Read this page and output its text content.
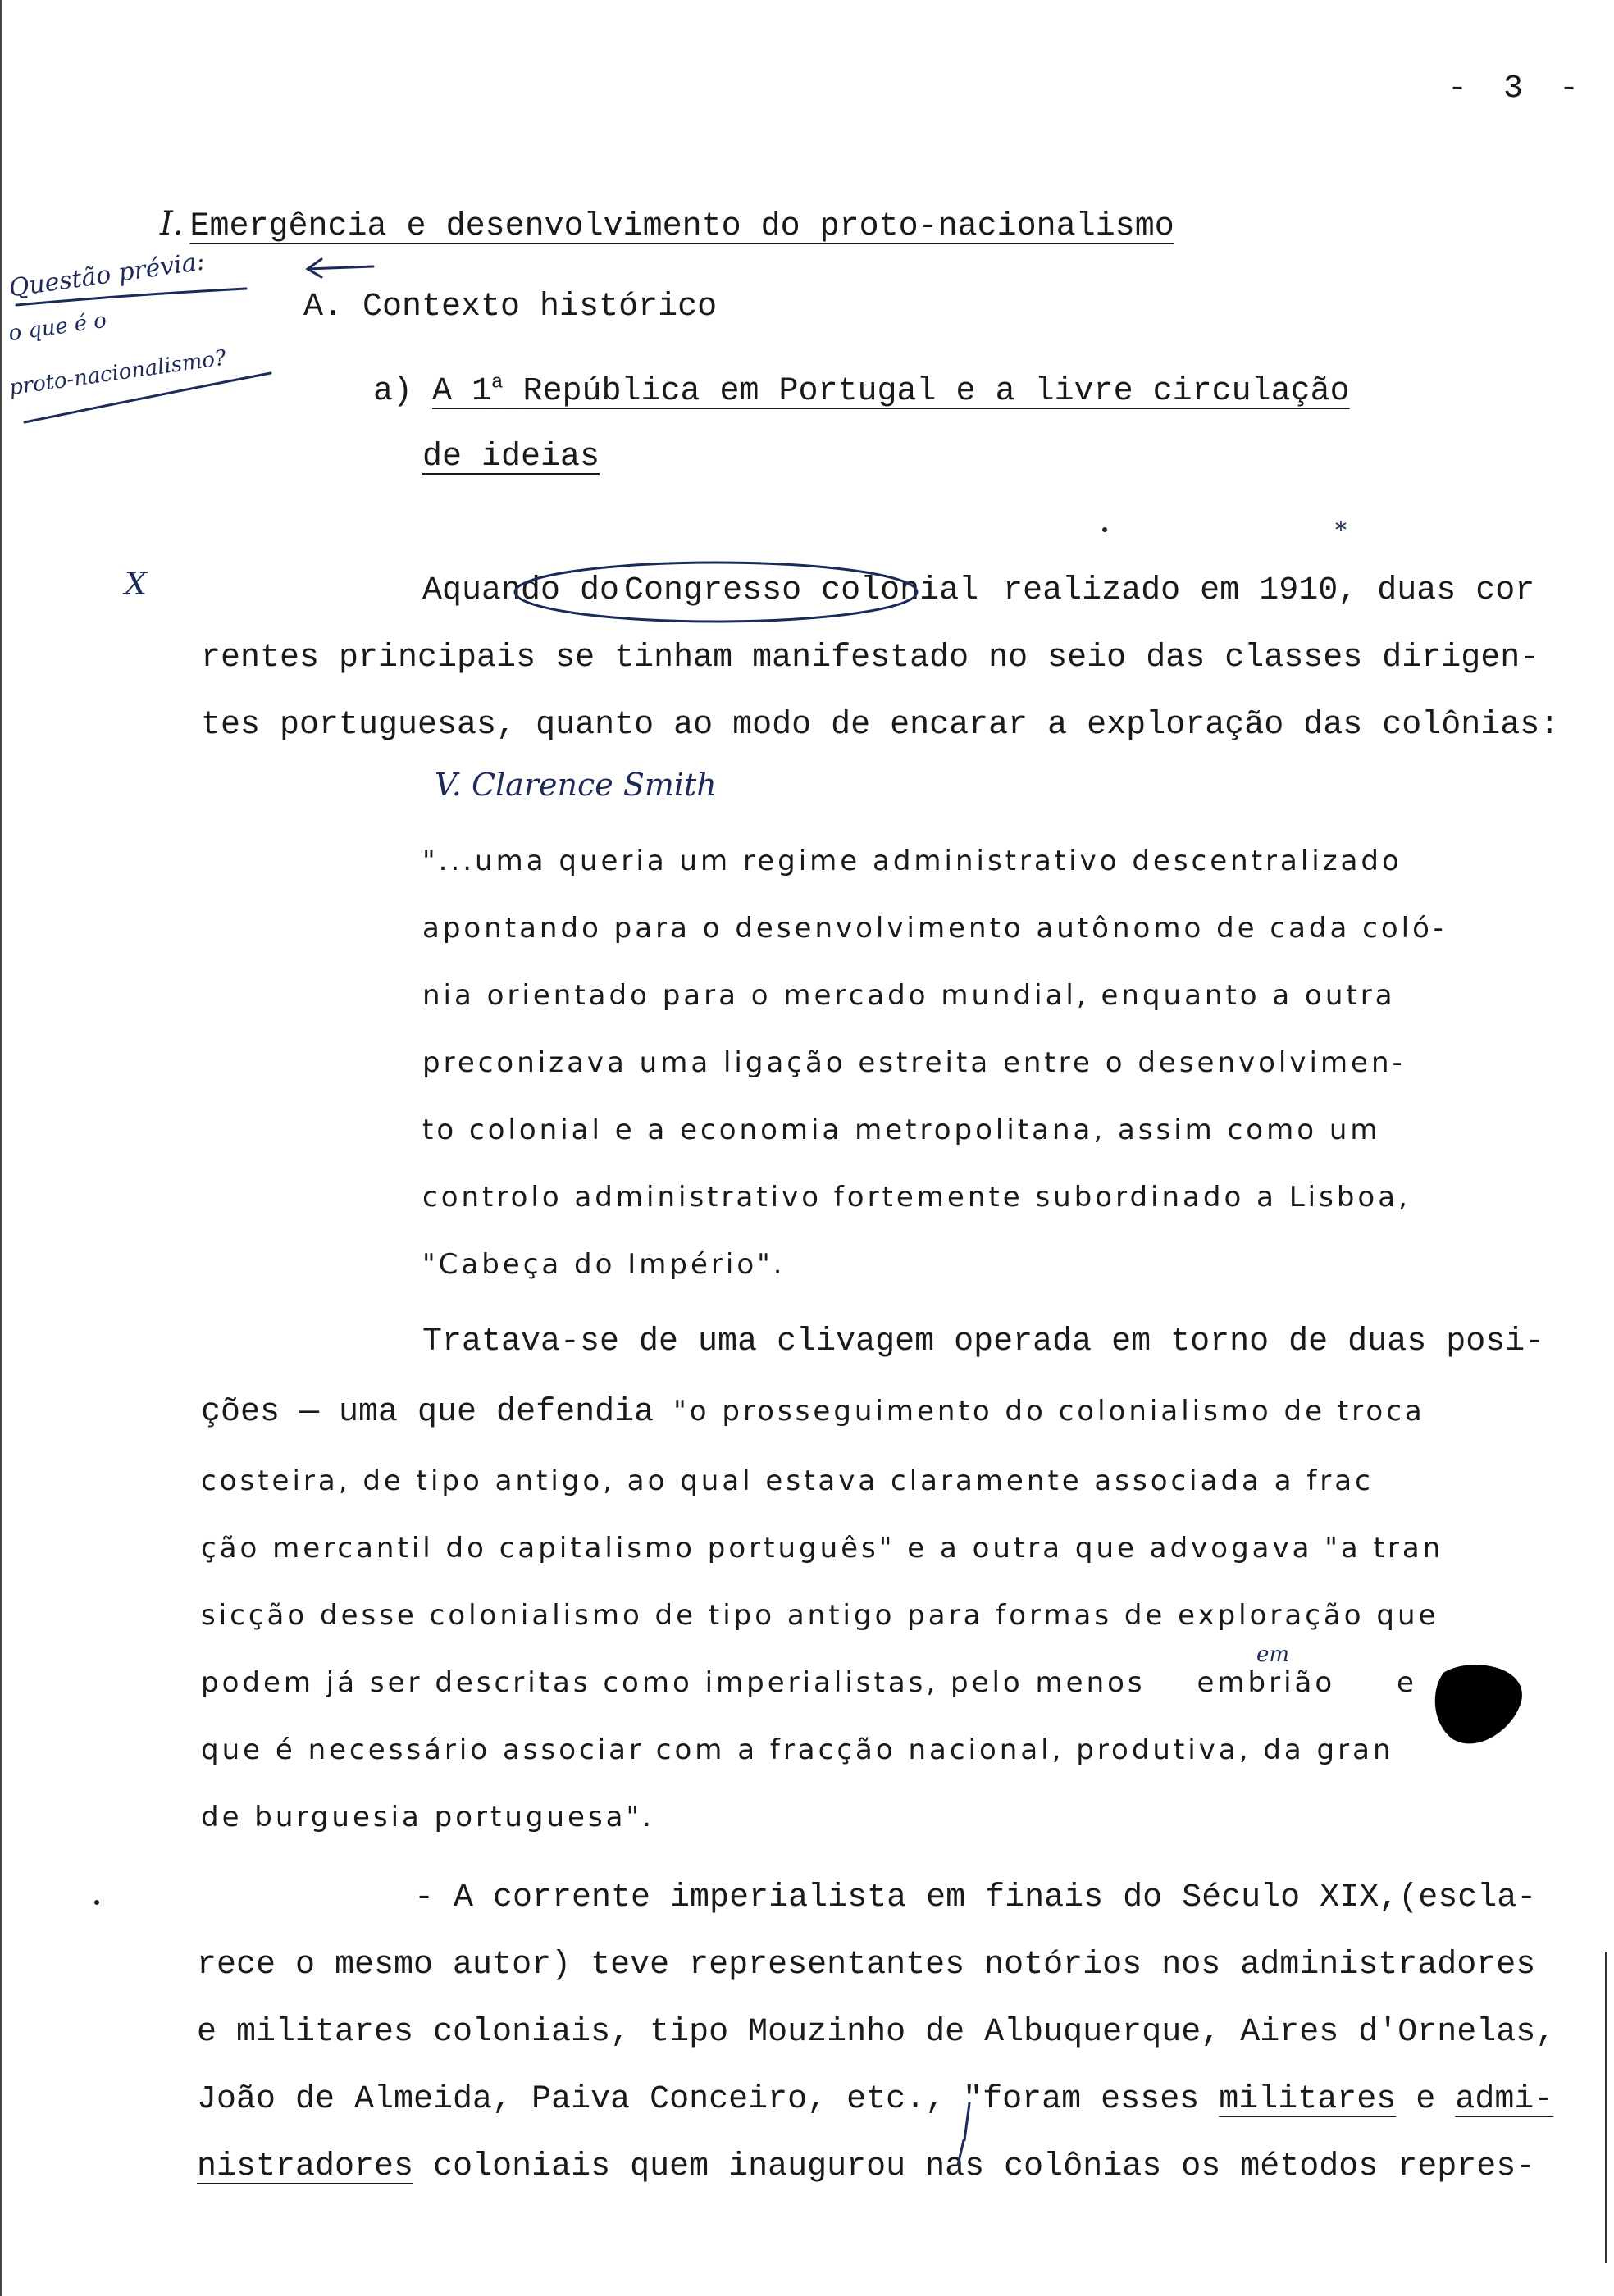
- 3 -
I. Emergência e desenvolvimento do proto-nacionalismo
A. Contexto histórico
a) A 1$^a$ República em Portugal e a livre circulação
de ideias
Questão prévia:
o que é o
proto-nacionalismo?
X
V. Clarence Smith
em
*
Aquando do Congresso colonial realizado em 1910, duas cor
rentes principais se tinham manifestado no seio das classes dirigen-
tes portuguesas, quanto ao modo de encarar a exploração das colônias:
"...uma queria um regime administrativo descentralizado
apontando para o desenvolvimento autônomo de cada coló-
nia orientado para o mercado mundial, enquanto a outra
preconizava uma ligação estreita entre o desenvolvimen-
to colonial e a economia metropolitana, assim como um
controlo administrativo fortemente subordinado a Lisboa,
"Cabeça do Império".
Tratava-se de uma clivagem operada em torno de duas posi-
ções — uma que defendia "o prosseguimento do colonialismo de troca
costeira, de tipo antigo, ao qual estava claramente associada a frac
ção mercantil do capitalismo português" e a outra que advogava "a tran
sicção desse colonialismo de tipo antigo para formas de exploração que
podem já ser descritas como imperialistas, pelo menos embrião e
que é necessário associar com a fracção nacional, produtiva, da gran
de burguesia portuguesa".
- A corrente imperialista em finais do Século XIX,(escla-
rece o mesmo autor) teve representantes notórios nos administradores
e militares coloniais, tipo Mouzinho de Albuquerque, Aires d'Ornelas,
João de Almeida, Paiva Conceiro, etc., "foram esses militares e admi-
nistradores coloniais quem inaugurou nas colônias os métodos repres-
